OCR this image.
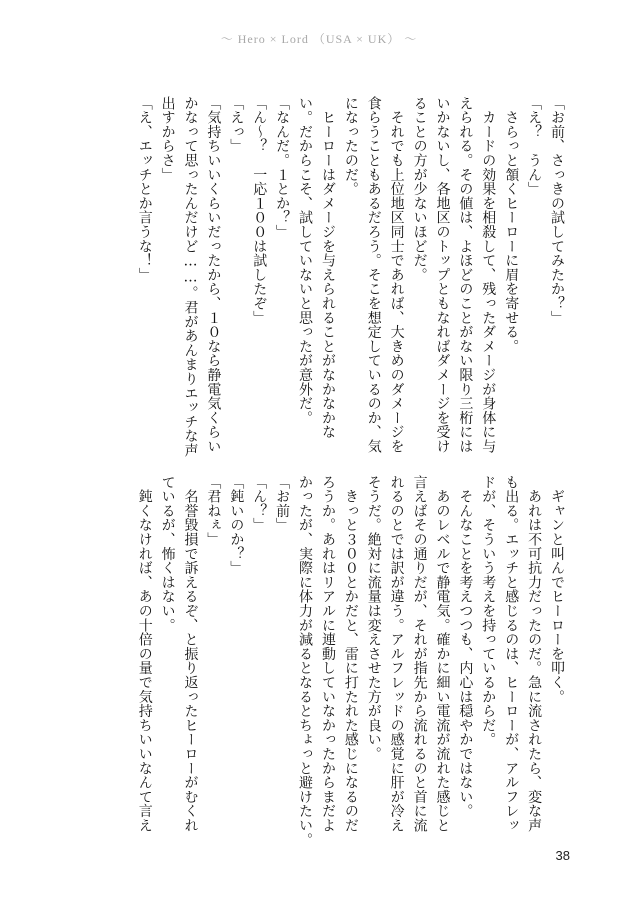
～ Hero × Lord （USA × UK） ～
「お前、さっきの試してみたか？」
「え？　うん」
　さらっと頷くヒーローに眉を寄せる。
　カードの効果を相殺して、残ったダメージが身体に与
えられる。その値は、よほどのことがない限り三桁には
いかないし、各地区のトップともなればダメージを受け
ることの方が少ないほどだ。
　それでも上位地区同士であれば、大きめのダメージを
食らうこともあるだろう。そこを想定しているのか、気
になったのだ。
　ヒーローはダメージを与えられることがなかなかな
い。だからこそ、試していないと思ったが意外だ。
「なんだ。１とか？」
「ん～？　一応１００は試したぞ」
「えっ」
「気持ちいいくらいだったから、１０なら静電気くらい
かなって思ったんだけど……。君があんまりエッチな声
出すからさ」
「え、エッチとか言うな！」
　ギャンと叫んでヒーローを叩く。
　あれは不可抗力だったのだ。急に流されたら、変な声
も出る。エッチと感じるのは、ヒーローが、アルフレッ
ドが、そういう考えを持っているからだ。
　そんなことを考えつつも、内心は穏やかではない。
　あのレベルで静電気。確かに細い電流が流れた感じと
言えばその通りだが、それが指先から流れるのと首に流
れるのとでは訳が違う。アルフレッドの感覚に肝が冷え
そうだ。絶対に流量は変えさせた方が良い。
　きっと３００とかだと、雷に打たれた感じになるのだ
ろうか。あれはリアルに連動していなかったからまだよ
かったが、実際に体力が減るとなるとちょっと避けたい。
「お前」
「ん？」
「鈍いのか？」
「君ねぇ」
　名誉毀損で訴えるぞ、と振り返ったヒーローがむくれ
ているが、怖くはない。
　鈍くなければ、あの十倍の量で気持ちいいなんて言え
38
